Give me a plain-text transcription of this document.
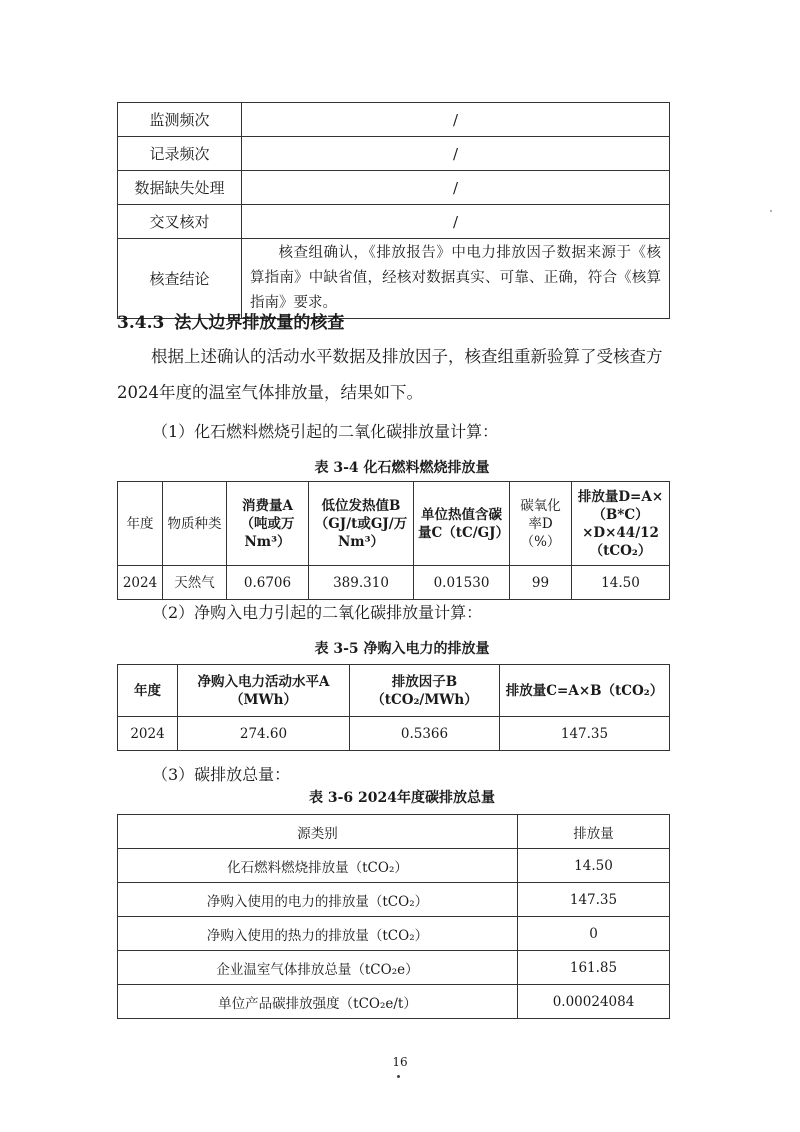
监测频次	/
记录频次	/
数据缺失处理	/
交叉核对	/
核查结论	核查组确认，《排放报告》中电力排放因子数据来源于《核算指南》中缺省值，经核对数据真实、可靠、正确，符合《核算指南》要求。
3.4.3 法人边界排放量的核查
根据上述确认的活动水平数据及排放因子，核查组重新验算了受核查方2024年度的温室气体排放量，结果如下。
（1）化石燃料燃烧引起的二氧化碳排放量计算：
表 3-4 化石燃料燃烧排放量
年度	物质种类	消费量A（吨或万Nm³）	低位发热值B（GJ/t或GJ/万Nm³）	单位热值含碳量C（tC/GJ）	碳氧化率D（%）	排放量D=A×（B*C）×D×44/12（tCO₂）
2024	天然气	0.6706	389.310	0.01530	99	14.50
（2）净购入电力引起的二氧化碳排放量计算：
表 3-5 净购入电力的排放量
年度	净购入电力活动水平A（MWh）	排放因子B（tCO₂/MWh）	排放量C=A×B（tCO₂）
2024	274.60	0.5366	147.35
（3）碳排放总量：
表 3-6 2024年度碳排放总量
源类别	排放量
化石燃料燃烧排放量（tCO₂）	14.50
净购入使用的电力的排放量（tCO₂）	147.35
净购入使用的热力的排放量（tCO₂）	0
企业温室气体排放总量（tCO₂e）	161.85
单位产品碳排放强度（tCO₂e/t）	0.00024084
16
